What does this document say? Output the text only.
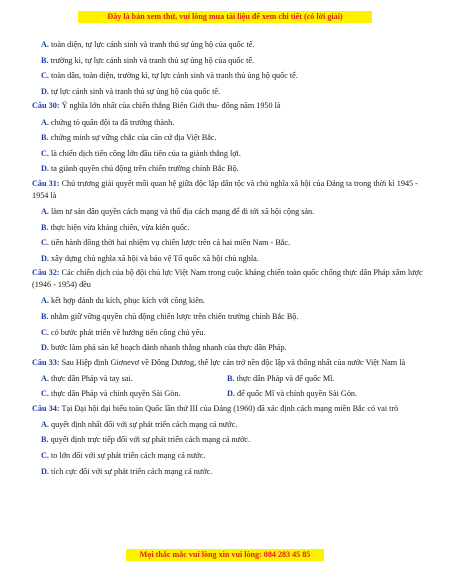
Đây là bản xem thử, vui lòng mua tài liệu để xem chi tiết (có lời giải)
A. toàn diện, tự lực cánh sinh và tranh thủ sự ủng hộ của quốc tế.
B. trường kì, tự lực cánh sinh và tranh thủ sự ủng hộ của quốc tế.
C. toàn dân, toàn diện, trường kì, tự lực cánh sinh và tranh thủ ủng hộ quốc tế.
D. tự lực cánh sinh và tranh thủ sự ủng hộ của quốc tế.
Câu 30: Ý nghĩa lớn nhất của chiến thắng Biên Giới thu- đông năm 1950 là
A. chứng tỏ quân đội ta đã trưởng thành.
B. chứng minh sự vững chắc của căn cứ địa Việt Bắc.
C. là chiến dịch tiến công lớn đầu tiên của ta giành thắng lợi.
D. ta giành quyền chủ động trên chiến trường chính Bắc Bộ.
Câu 31: Chủ trương giải quyết mối quan hệ giữa độc lập dân tộc và chủ nghĩa xã hội của Đảng ta trong thời kì 1945 - 1954 là
A. làm tư sản dân quyền cách mạng và thổ địa cách mạng để đi tới xã hội cộng sản.
B. thực hiện vừa kháng chiến, vừa kiến quốc.
C. tiến hành đồng thời hai nhiệm vụ chiến lược trên cả hai miền Nam - Bắc.
D. xây dựng chủ nghĩa xã hội và bảo vệ Tổ quốc xã hội chủ nghĩa.
Câu 32: Các chiến dịch của bộ đội chủ lực Việt Nam trong cuộc kháng chiến toàn quốc chống thực dân Pháp xâm lược (1946 - 1954) đều
A. kết hợp đánh du kích, phục kích với công kiên.
B. nhằm giữ vững quyền chủ động chiến lược trên chiến trường chính Bắc Bộ.
C. có bước phát triển về hướng tiến công chủ yếu.
D. bước làm phá sản kế hoạch đánh nhanh thắng nhanh của thực dân Pháp.
Câu 33: Sau Hiệp định Giơnevơ về Đông Dương, thế lực cản trở nền độc lập và thống nhất của nước Việt Nam là
A. thực dân Pháp và tay sai.	B. thực dân Pháp và đế quốc Mĩ.
C. thực dân Pháp và chính quyền Sài Gòn.	D. đế quốc Mĩ và chính quyền Sài Gòn.
Câu 34: Tại Đại hội đại biểu toàn Quốc lần thứ III của Đảng (1960) đã xác định cách mạng miền Bắc có vai trò
A. quyết định nhất đối với sự phát triển cách mạng cả nước.
B. quyết định trực tiếp đối với sự phát triển cách mạng cả nước.
C. to lớn đối với sự phát triển cách mạng cả nước.
D. tích cực đối với sự phát triển cách mạng cả nước.
Mọi thắc mắc vui lòng xin vui lòng: 084 283 45 85
